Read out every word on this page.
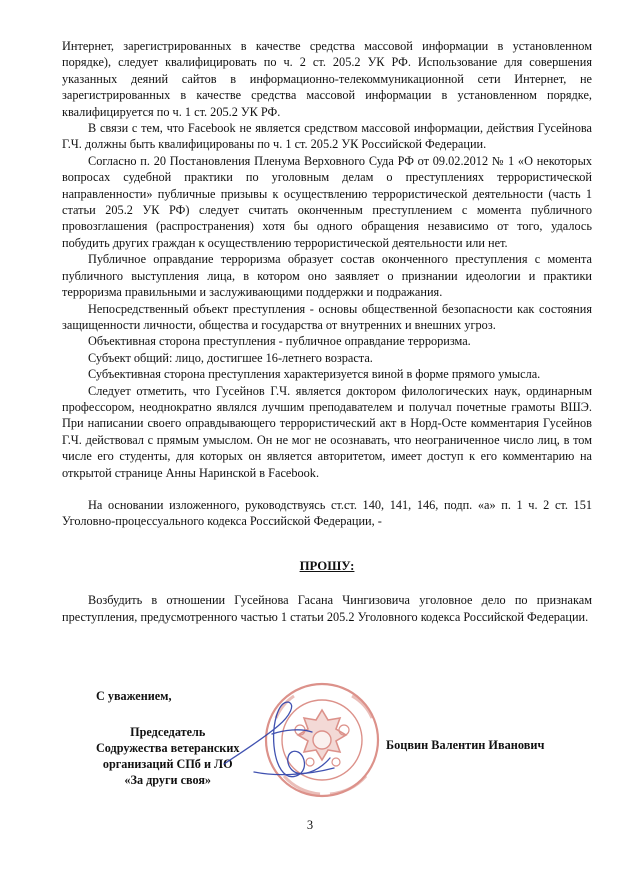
Интернет, зарегистрированных в качестве средства массовой информации в установленном порядке), следует квалифицировать по ч. 2 ст. 205.2 УК РФ. Использование для совершения указанных деяний сайтов в информационно-телекоммуникационной сети Интернет, не зарегистрированных в качестве средства массовой информации в установленном порядке, квалифицируется по ч. 1 ст. 205.2 УК РФ.

В связи с тем, что Facebook не является средством массовой информации, действия Гусейнова Г.Ч. должны быть квалифицированы по ч. 1 ст. 205.2 УК Российской Федерации.

Согласно п. 20 Постановления Пленума Верховного Суда РФ от 09.02.2012 № 1 «О некоторых вопросах судебной практики по уголовным делам о преступлениях террористической направленности» публичные призывы к осуществлению террористической деятельности (часть 1 статьи 205.2 УК РФ) следует считать оконченным преступлением с момента публичного провозглашения (распространения) хотя бы одного обращения независимо от того, удалось побудить других граждан к осуществлению террористической деятельности или нет.

Публичное оправдание терроризма образует состав оконченного преступления с момента публичного выступления лица, в котором оно заявляет о признании идеологии и практики терроризма правильными и заслуживающими поддержки и подражания.

Непосредственный объект преступления - основы общественной безопасности как состояния защищенности личности, общества и государства от внутренних и внешних угроз.

Объективная сторона преступления - публичное оправдание терроризма.

Субъект общий: лицо, достигшее 16-летнего возраста.

Субъективная сторона преступления характеризуется виной в форме прямого умысла.

Следует отметить, что Гусейнов Г.Ч. является доктором филологических наук, ординарным профессором, неоднократно являлся лучшим преподавателем и получал почетные грамоты ВШЭ. При написании своего оправдывающего террористический акт в Норд-Осте комментария Гусейнов Г.Ч. действовал с прямым умыслом. Он не мог не осознавать, что неограниченное число лиц, в том числе его студенты, для которых он является авторитетом, имеет доступ к его комментарию на открытой странице Анны Наринской в Facebook.

На основании изложенного, руководствуясь ст.ст. 140, 141, 146, подп. «а» п. 1 ч. 2 ст. 151 Уголовно-процессуального кодекса Российской Федерации, -

ПРОШУ:

Возбудить в отношении Гусейнова Гасана Чингизовича уголовное дело по признакам преступления, предусмотренного частью 1 статьи 205.2 Уголовного кодекса Российской Федерации.

С уважением,
Председатель
Содружества ветеранских
организаций СПб и ЛО
«За други своя»
Боцвин Валентин Иванович
3
